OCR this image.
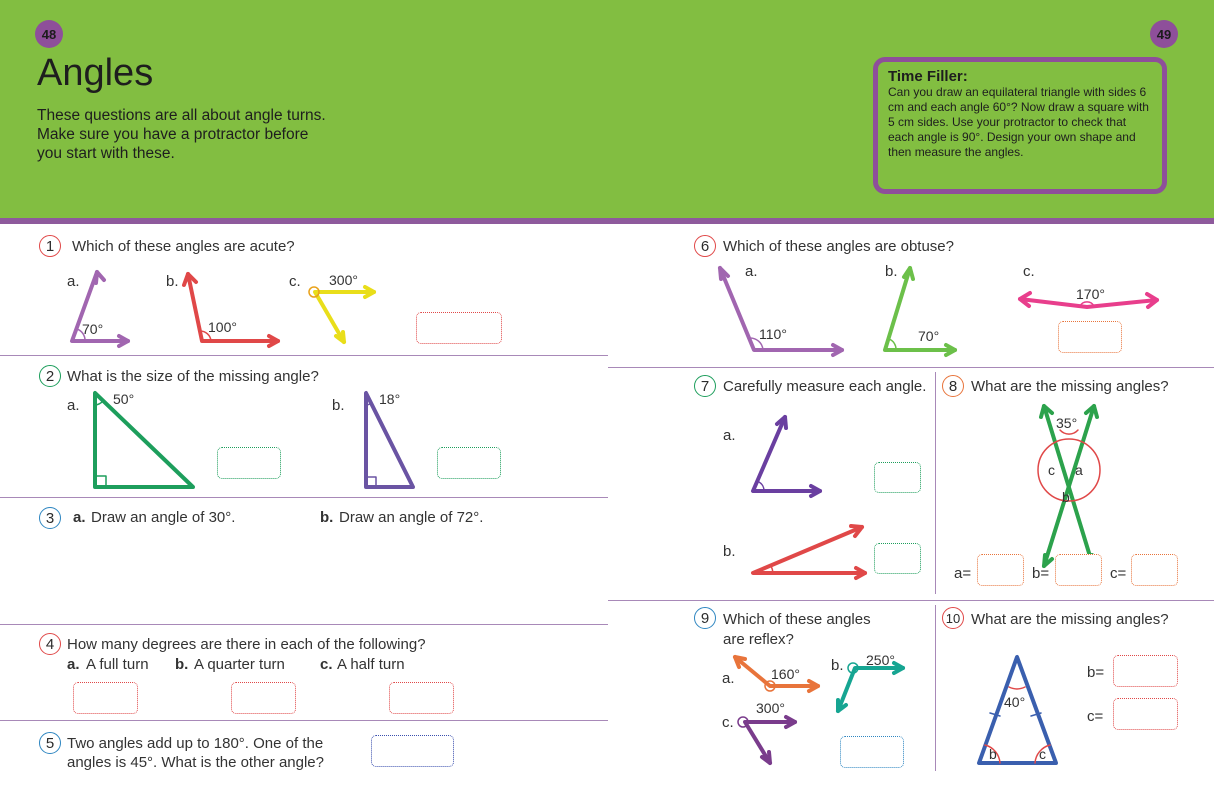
48	49
Angles
These questions are all about angle turns. Make sure you have a protractor before you start with these.
Time Filler:
Can you draw an equilateral triangle with sides 6 cm and each angle 60°? Now draw a square with 5 cm sides. Use your protractor to check that each angle is 90°. Design your own shape and then measure the angles.
70°	100°
300°
50°	18°
110°	70°
170°
35°
c a
b
160°
250°
300°	40°
b	c
1	Which of these angles are acute?
a.	b.	c.
2 What is the size of the missing angle?
a.	b.
3	a. Draw an angle of 30°.	b. Draw an angle of 72°.
4 How many degrees are there in each of the following?
a. A full turn b. A quarter turn c. A half turn
5 Two angles add up to 180°. One of the
angles is 45°. What is the other angle?
6 Which of these angles are obtuse?
a.	b.	c.
7 Carefully measure each angle.
a.
b.
8 What are the missing angles?
a=	b=	c=
9 Which of these angles
are reflex?
a.
b.
c.
10 What are the missing angles?
b=
c=
